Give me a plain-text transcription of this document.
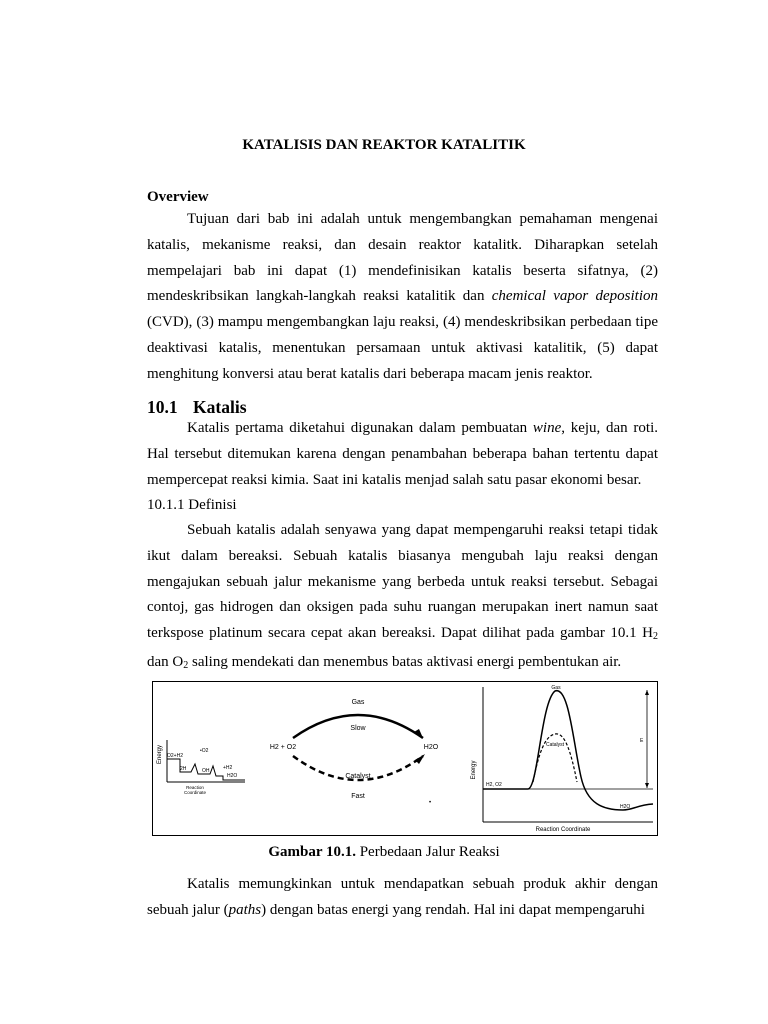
KATALISIS DAN REAKTOR KATALITIK
Overview

Tujuan dari bab ini adalah untuk mengembangkan pemahaman mengenai katalis, mekanisme reaksi, dan desain reaktor katalitk. Diharapkan setelah mempelajari bab ini dapat (1) mendefinisikan katalis beserta sifatnya, (2) mendeskribsikan langkah-langkah reaksi katalitik dan chemical vapor deposition (CVD), (3) mampu mengembangkan laju reaksi, (4) mendeskribsikan perbedaan tipe deaktivasi katalis, menentukan persamaan untuk aktivasi katalitik, (5) dapat menghitung konversi atau berat katalis dari beberapa macam jenis reaktor.

10.1 Katalis

Katalis pertama diketahui digunakan dalam pembuatan wine, keju, dan roti. Hal tersebut ditemukan karena dengan penambahan beberapa bahan tertentu dapat mempercepat reaksi kimia. Saat ini katalis menjad salah satu pasar ekonomi besar.

10.1.1 Definisi

Sebuah katalis adalah senyawa yang dapat mempengaruhi reaksi tetapi tidak ikut dalam bereaksi. Sebuah katalis biasanya mengubah laju reaksi dengan mengajukan sebuah jalur mekanisme yang berbeda untuk reaksi tersebut. Sebagai contoj, gas hidrogen dan oksigen pada suhu ruangan merupakan inert namun saat terkspose platinum secara cepat akan bereaksi. Dapat dilihat pada gambar 10.1 $H_2$ dan $O_2$ saling mendekati dan menembus batas aktivasi energi pembentukan air.

Energy O2+H2
•O2
2H	OH	+H2
H2O
Reaction
Coordinate
H2 + O2	H2O
Gas
Slow
Catalyst
Fast
•
Energy
Gas
Catalyst
H2, O2
H2O
E
Reaction Coordinate

Gambar 10.1. Perbedaan Jalur Reaksi

Katalis memungkinkan untuk mendapatkan sebuah produk akhir dengan sebuah jalur (paths) dengan batas energi yang rendah. Hal ini dapat mempengaruhi
